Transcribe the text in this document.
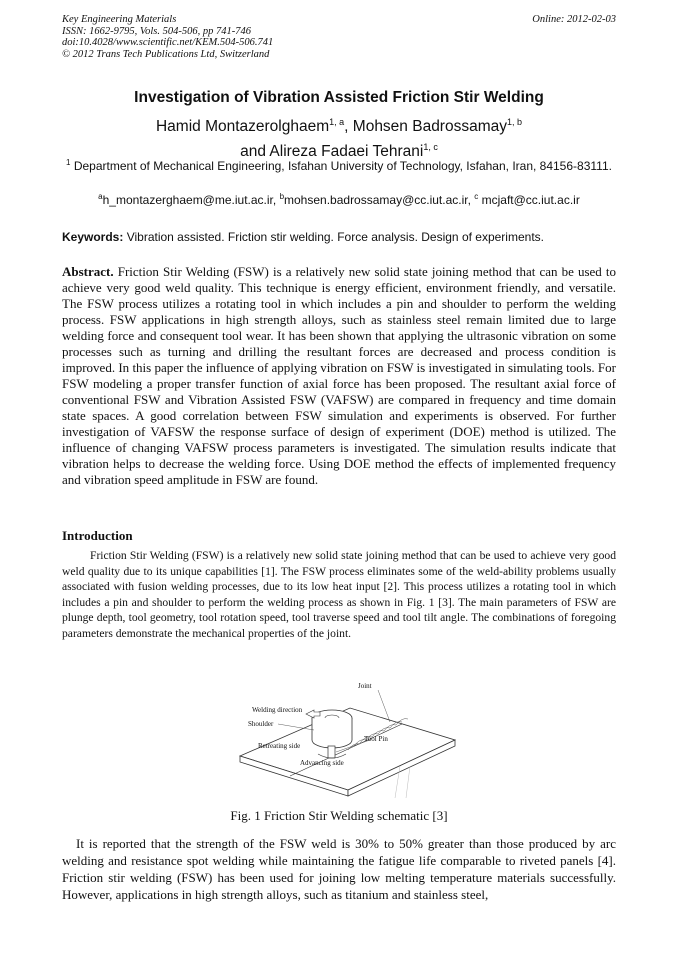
Key Engineering Materials
ISSN: 1662-9795, Vols. 504-506, pp 741-746
doi:10.4028/www.scientific.net/KEM.504-506.741
© 2012 Trans Tech Publications Ltd, Switzerland
Online: 2012-02-03
Investigation of Vibration Assisted Friction Stir Welding
Hamid Montazerolghaem$^{1, a}$, Mohsen Badrossamay$^{1, b}$
and Alireza Fadaei Tehrani$^{1, c}$
$^1$ Department of Mechanical Engineering, Isfahan University of Technology, Isfahan, Iran, 84156-83111.
$^a$h_montazerghaem@me.iut.ac.ir, $^b$mohsen.badrossamay@cc.iut.ac.ir, $^c$ mcjaft@cc.iut.ac.ir
Keywords: Vibration assisted. Friction stir welding. Force analysis. Design of experiments.
Abstract. Friction Stir Welding (FSW) is a relatively new solid state joining method that can be used to achieve very good weld quality. This technique is energy efficient, environment friendly, and versatile. The FSW process utilizes a rotating tool in which includes a pin and shoulder to perform the welding process. FSW applications in high strength alloys, such as stainless steel remain limited due to large welding force and consequent tool wear. It has been shown that applying the ultrasonic vibration on some processes such as turning and drilling the resultant forces are decreased and process condition is improved. In this paper the influence of applying vibration on FSW is investigated in simulating tools. For FSW modeling a proper transfer function of axial force has been proposed. The resultant axial force of conventional FSW and Vibration Assisted FSW (VAFSW) are compared in frequency and time domain state spaces. A good correlation between FSW simulation and experiments is observed. For further investigation of VAFSW the response surface of design of experiment (DOE) method is utilized. The influence of changing VAFSW process parameters is investigated. The simulation results indicate that vibration helps to decrease the welding force. Using DOE method the effects of implemented frequency and vibration speed amplitude in FSW are found.
Introduction
Friction Stir Welding (FSW) is a relatively new solid state joining method that can be used to achieve very good weld quality due to its unique capabilities [1]. The FSW process eliminates some of the weld-ability problems usually associated with fusion welding processes, due to its low heat input [2]. This process utilizes a rotating tool in which includes a pin and shoulder to perform the welding process as shown in Fig. 1 [3]. The main parameters of FSW are plunge depth, tool geometry, tool rotation speed, tool traverse speed and tool tilt angle. The combinations of foregoing parameters demonstrate the mechanical properties of the joint.
Joint
Welding direction
Shoulder
Tool Pin
Retreating side
Advancing side
Fig. 1 Friction Stir Welding schematic [3]
It is reported that the strength of the FSW weld is 30% to 50% greater than those produced by arc welding and resistance spot welding while maintaining the fatigue life comparable to riveted panels [4]. Friction stir welding (FSW) has been used for joining low melting temperature materials successfully. However, applications in high strength alloys, such as titanium and stainless steel,
